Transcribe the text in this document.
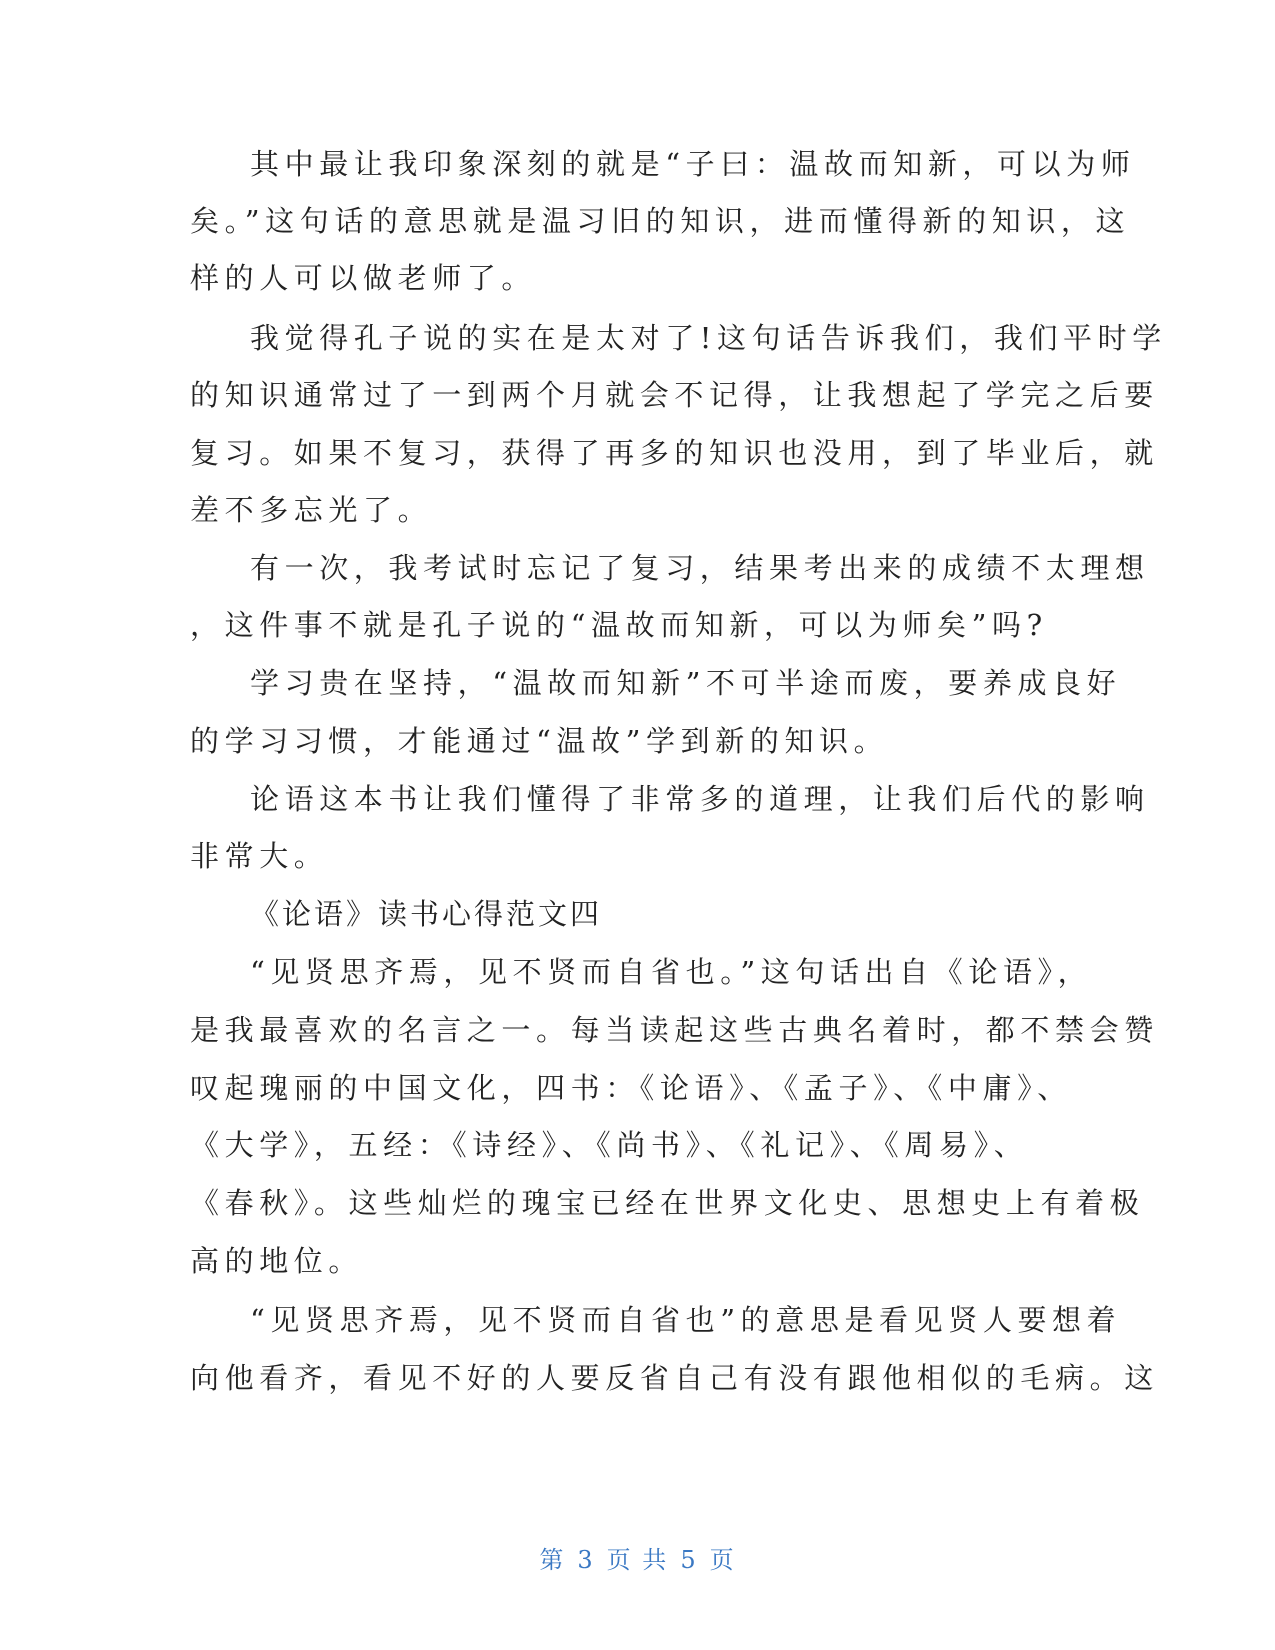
其中最让我印象深刻的就是“子曰：温故而知新，可以为师
矣。”这句话的意思就是温习旧的知识，进而懂得新的知识，这
样的人可以做老师了。
我觉得孔子说的实在是太对了!这句话告诉我们，我们平时学
的知识通常过了一到两个月就会不记得，让我想起了学完之后要
复习。如果不复习，获得了再多的知识也没用，到了毕业后，就
差不多忘光了。
有一次，我考试时忘记了复习，结果考出来的成绩不太理想
，这件事不就是孔子说的“温故而知新，可以为师矣”吗?
学习贵在坚持，“温故而知新”不可半途而废，要养成良好
的学习习惯，才能通过“温故”学到新的知识。
论语这本书让我们懂得了非常多的道理，让我们后代的影响
非常大。
《论语》读书心得范文四
“见贤思齐焉，见不贤而自省也。”这句话出自《论语》，
是我最喜欢的名言之一。每当读起这些古典名着时，都不禁会赞
叹起瑰丽的中国文化，四书：《论语》、《孟子》、《中庸》、
《大学》，五经：《诗经》、《尚书》、《礼记》、《周易》、
《春秋》。这些灿烂的瑰宝已经在世界文化史、思想史上有着极
高的地位。
“见贤思齐焉，见不贤而自省也”的意思是看见贤人要想着
向他看齐，看见不好的人要反省自己有没有跟他相似的毛病。这
第 3 页 共 5 页
